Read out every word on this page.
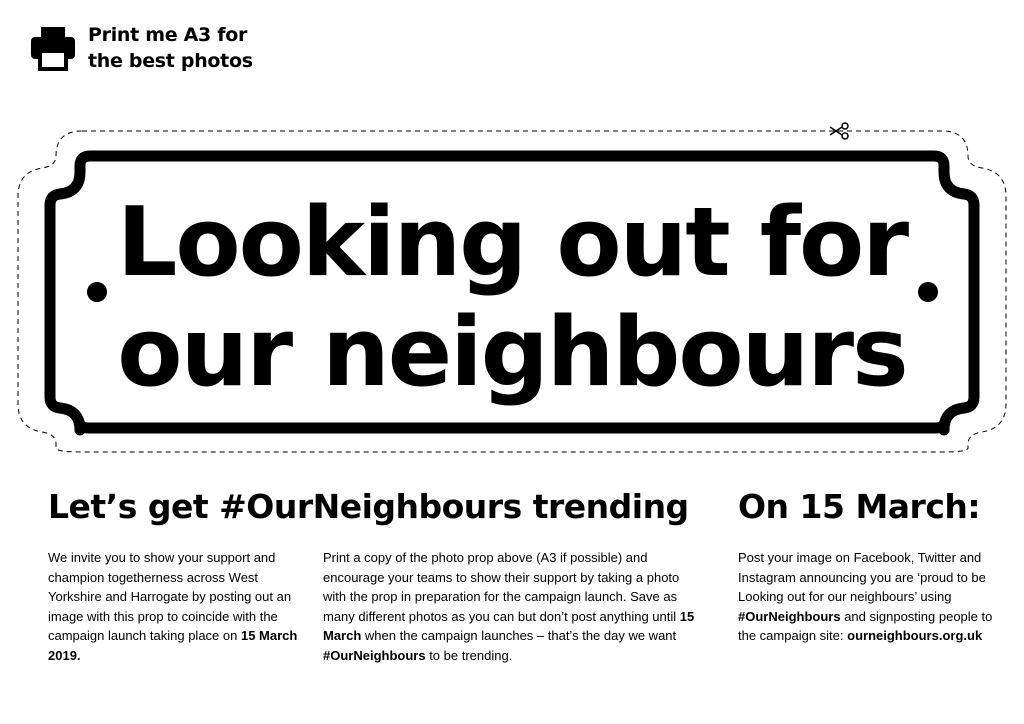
Print me A3 for
the best photos
Looking out for
our neighbours
Let’s get #OurNeighbours trending On 15 March:
We invite you to show your support and champion togetherness across West Yorkshire and Harrogate by posting out an image with this prop to coincide with the campaign launch taking place on 15 March 2019.
Print a copy of the photo prop above (A3 if possible) and encourage your teams to show their support by taking a photo with the prop in preparation for the campaign launch. Save as many different photos as you can but don’t post anything until 15 March when the campaign launches – that’s the day we want #OurNeighbours to be trending.
Post your image on Facebook, Twitter and Instagram announcing you are ‘proud to be Looking out for our neighbours’ using #OurNeighbours and signposting people to the campaign site: ourneighbours.org.uk
